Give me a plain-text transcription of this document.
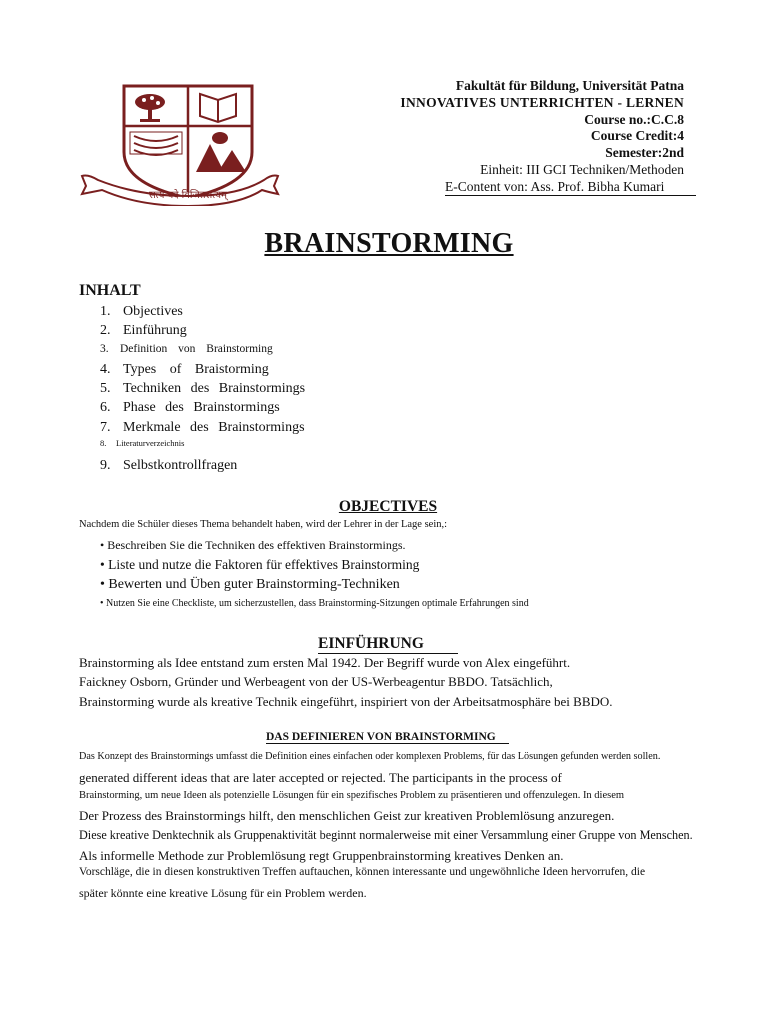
सत्यं वदे विजितसत्यम्
Fakultät für Bildung, Universität Patna
INNOVATIVES UNTERRICHTEN - LERNEN
Course no.:C.C.8
Course Credit:4
Semester:2nd
Einheit: III GCI Techniken/Methoden
E-Content von: Ass. Prof. Bibha Kumari
BRAINSTORMING
INHALT
1. Objectives
2. Einführung
3. Definition von Brainstorming
4. Types of Braistorming
5. Techniken des Brainstormings
6. Phase des Brainstormings
7. Merkmale des Brainstormings
8. Literaturverzeichnis
9. Selbstkontrollfragen
OBJECTIVES
Nachdem die Schüler dieses Thema behandelt haben, wird der Lehrer in der Lage sein,:
• Beschreiben Sie die Techniken des effektiven Brainstormings.
• Liste und nutze die Faktoren für effektives Brainstorming
• Bewerten und Üben guter Brainstorming-Techniken
• Nutzen Sie eine Checkliste, um sicherzustellen, dass Brainstorming-Sitzungen optimale Erfahrungen sind
EINFÜHRUNG
Brainstorming als Idee entstand zum ersten Mal 1942. Der Begriff wurde von Alex eingeführt.
Faickney Osborn, Gründer und Werbeagent von der US-Werbeagentur BBDO. Tatsächlich,
Brainstorming wurde als kreative Technik eingeführt, inspiriert von der Arbeitsatmosphäre bei BBDO.
DAS DEFINIEREN VON BRAINSTORMING
Das Konzept des Brainstormings umfasst die Definition eines einfachen oder komplexen Problems, für das Lösungen gefunden werden sollen.
generated different ideas that are later accepted or rejected. The participants in the process of
Brainstorming, um neue Ideen als potenzielle Lösungen für ein spezifisches Problem zu präsentieren und offenzulegen. In diesem
Der Prozess des Brainstormings hilft, den menschlichen Geist zur kreativen Problemlösung anzuregen.
Diese kreative Denktechnik als Gruppenaktivität beginnt normalerweise mit einer Versammlung einer Gruppe von Menschen.
Als informelle Methode zur Problemlösung regt Gruppenbrainstorming kreatives Denken an.
Vorschläge, die in diesen konstruktiven Treffen auftauchen, können interessante und ungewöhnliche Ideen hervorrufen, die
später könnte eine kreative Lösung für ein Problem werden.
